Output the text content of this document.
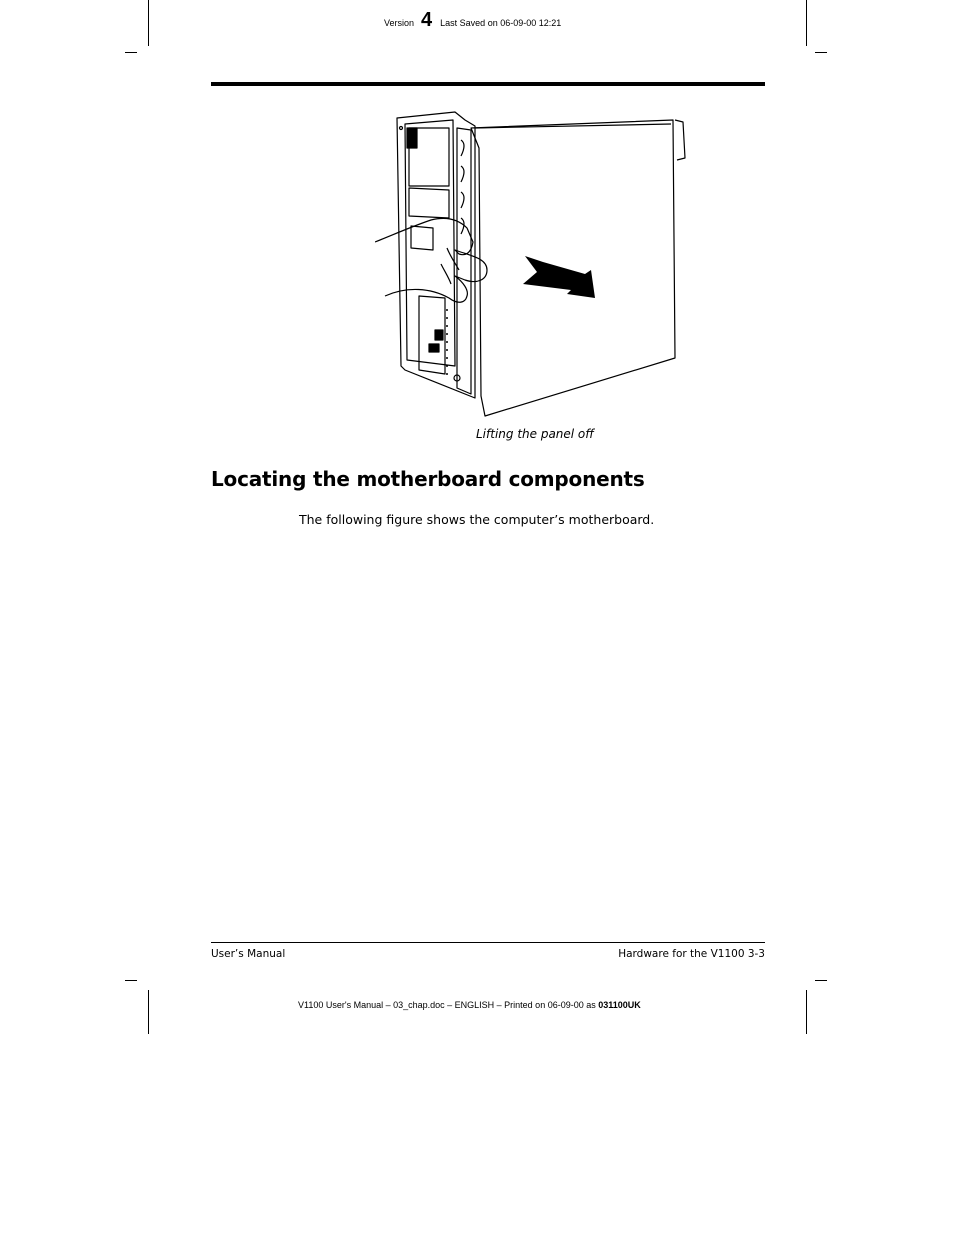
Version 4 Last Saved on 06-09-00 12:21
Lifting the panel off
Locating the motherboard components
The following figure shows the computer’s motherboard.
User’s Manual	Hardware for the V1100 3-3
V1100 User's Manual – 03_chap.doc – ENGLISH – Printed on 06-09-00 as 031100UK
